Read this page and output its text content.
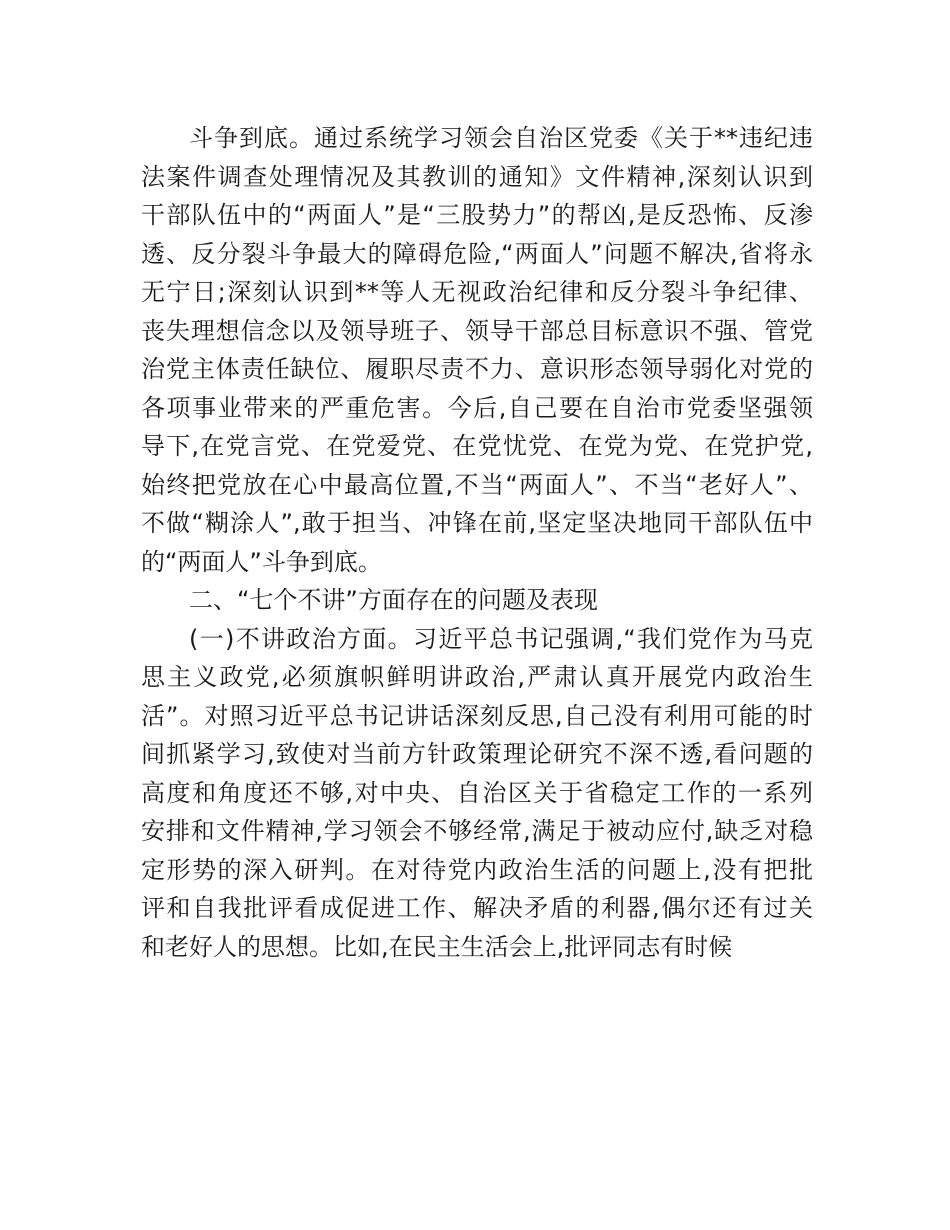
斗争到底。通过系统学习领会自治区党委《关于**违纪违
法案件调查处理情况及其教训的通知》文件精神,深刻认识到
干部队伍中的“两面人”是“三股势力”的帮凶,是反恐怖、反渗
透、反分裂斗争最大的障碍危险,“两面人”问题不解决,省将永
无宁日;深刻认识到**等人无视政治纪律和反分裂斗争纪律、
丧失理想信念以及领导班子、领导干部总目标意识不强、管党
治党主体责任缺位、履职尽责不力、意识形态领导弱化对党的
各项事业带来的严重危害。今后,自己要在自治市党委坚强领
导下,在党言党、在党爱党、在党忧党、在党为党、在党护党,
始终把党放在心中最高位置,不当“两面人”、不当“老好人”、
不做“糊涂人”,敢于担当、冲锋在前,坚定坚决地同干部队伍中
的“两面人”斗争到底。
二、“七个不讲”方面存在的问题及表现
(一)不讲政治方面。习近平总书记强调,“我们党作为马克
思主义政党,必须旗帜鲜明讲政治,严肃认真开展党内政治生
活”。对照习近平总书记讲话深刻反思,自己没有利用可能的时
间抓紧学习,致使对当前方针政策理论研究不深不透,看问题的
高度和角度还不够,对中央、自治区关于省稳定工作的一系列
安排和文件精神,学习领会不够经常,满足于被动应付,缺乏对稳
定形势的深入研判。在对待党内政治生活的问题上,没有把批
评和自我批评看成促进工作、解决矛盾的利器,偶尔还有过关
和老好人的思想。比如,在民主生活会上,批评同志有时候
